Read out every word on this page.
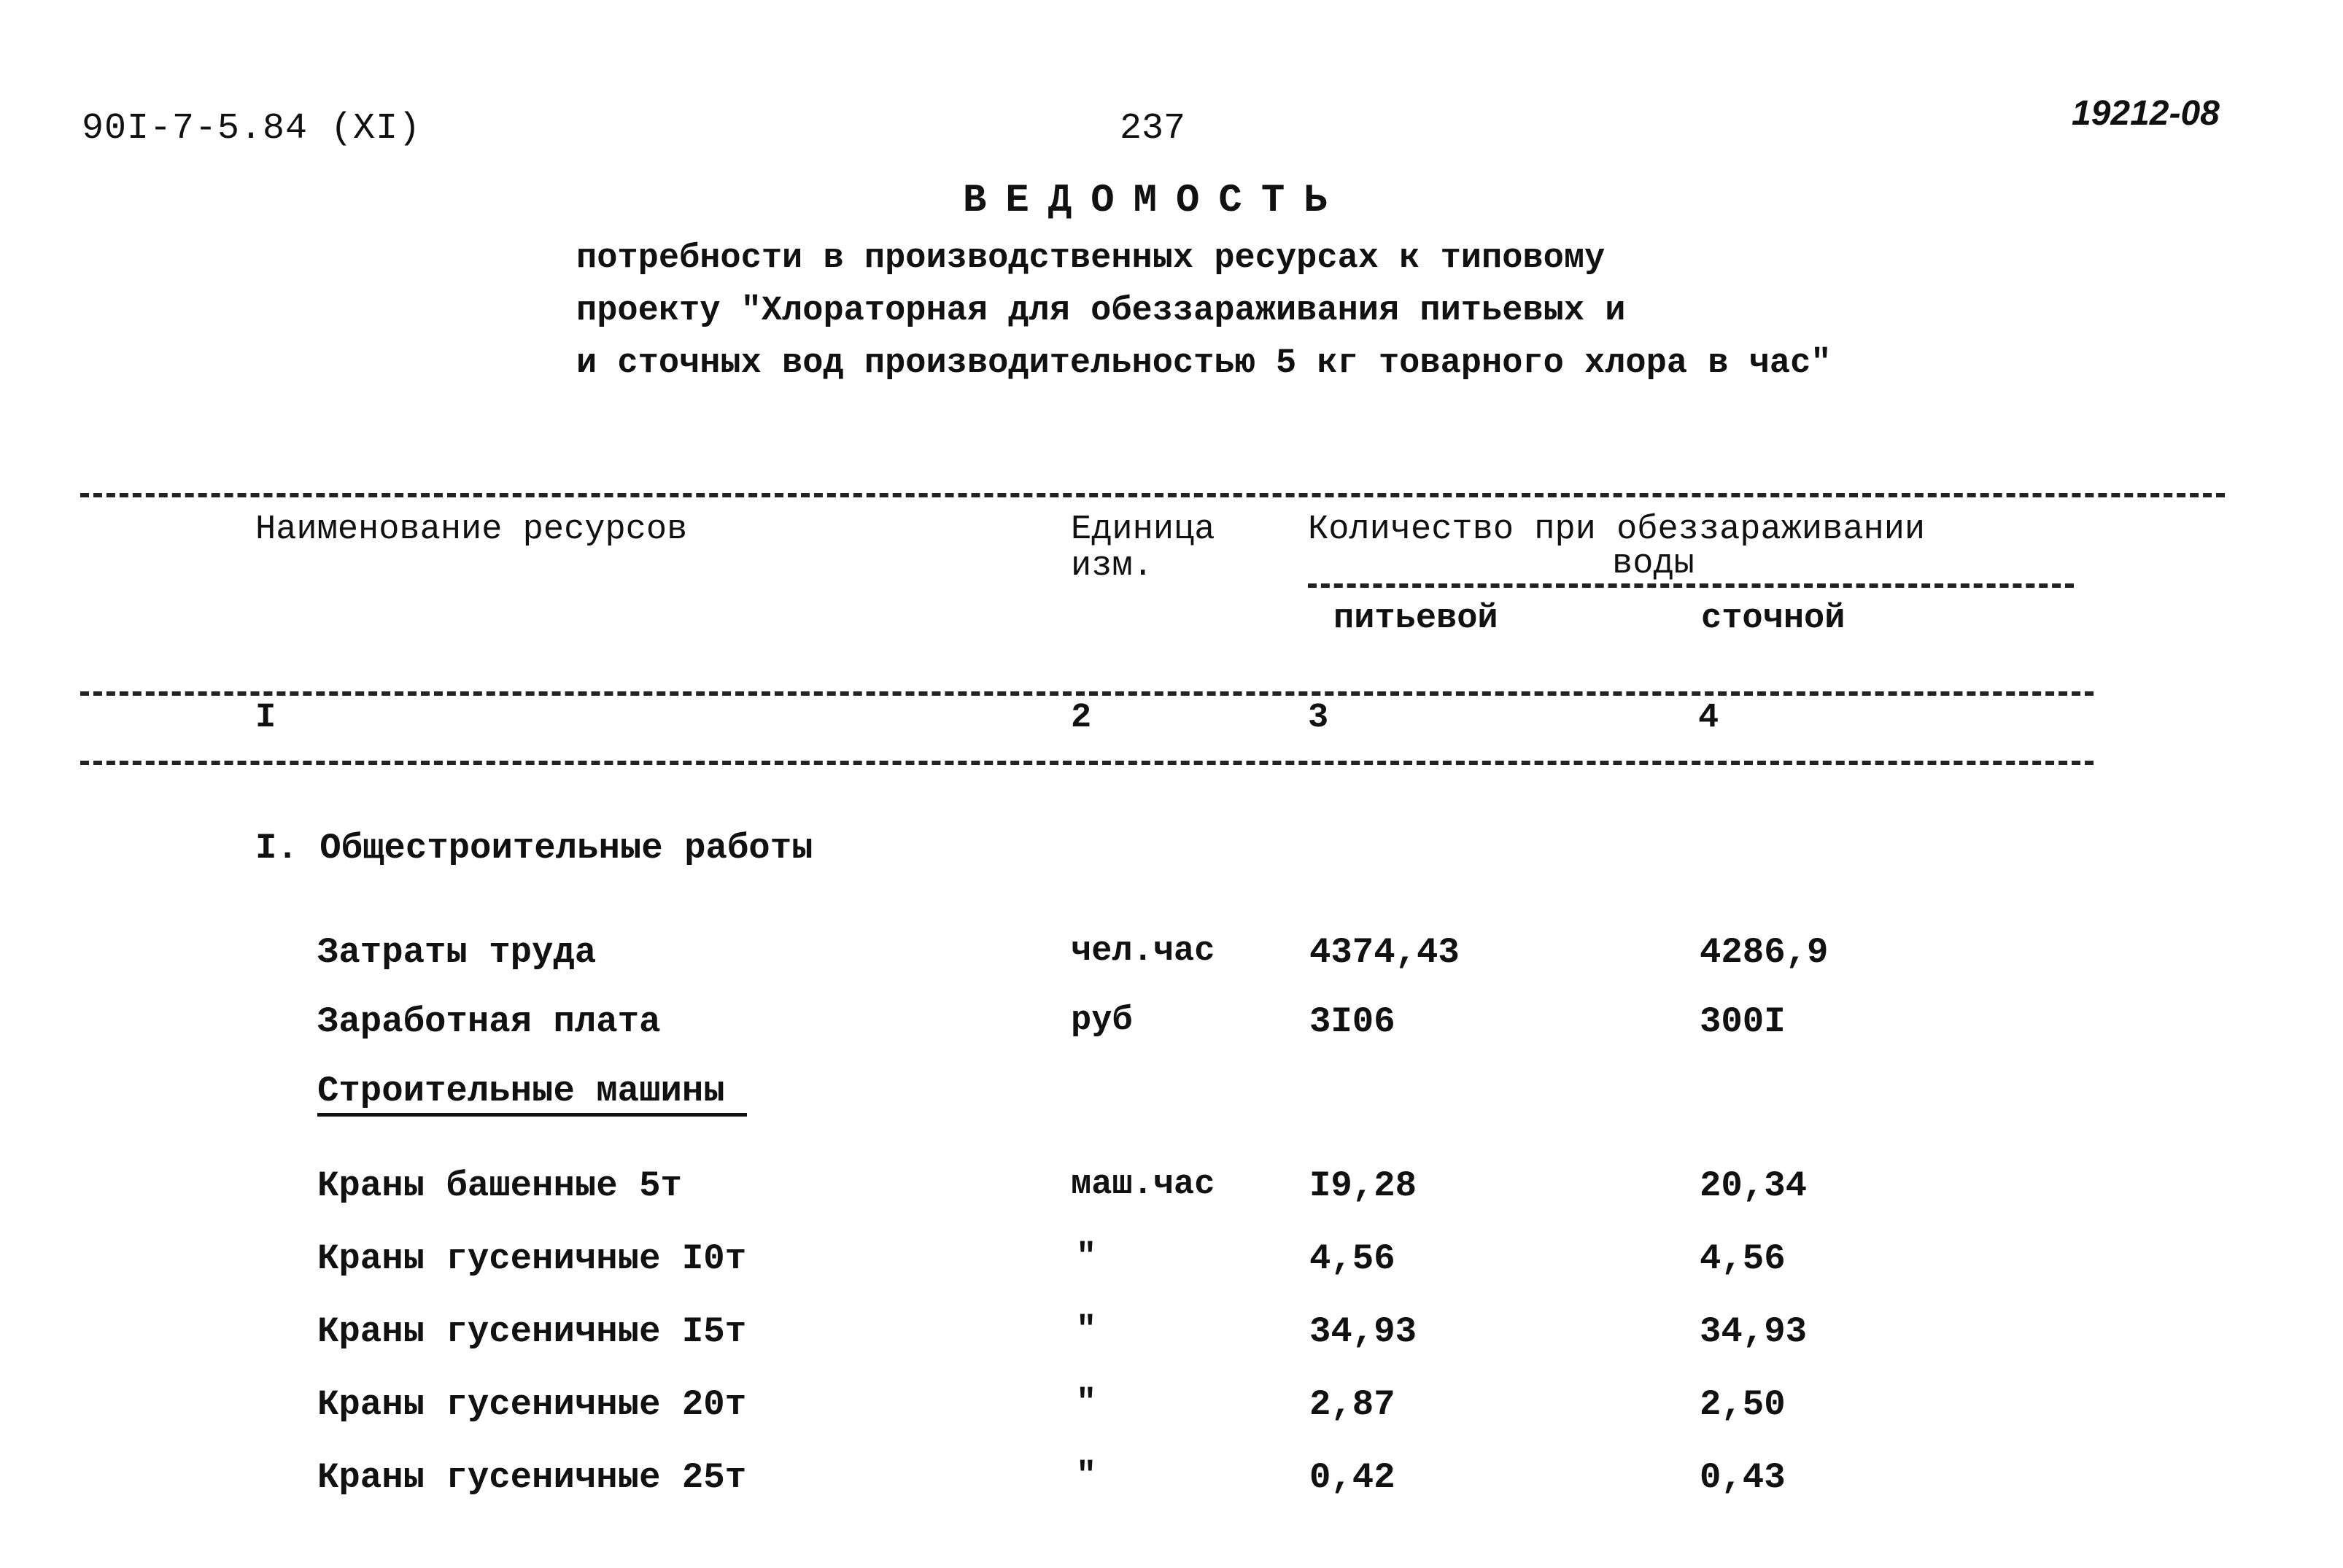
90I-7-5.84 (XI)	237	19212-08
ВЕДОМОСТЬ
потребности в производственных ресурсах к типовому
проекту "Хлораторная для обеззараживания питьевых и
и сточных вод производительностью 5 кг товарного хлора в час"
Наименование ресурсов	Единица
изм.
Количество при обеззараживании
воды
питьевой	сточной
I	2	3	4
I. Общестроительные работы
Затраты труда	чел.час	4374,43	4286,9
Заработная плата	руб	3I06	300I
Строительные машины
Краны башенные 5т	маш.час	I9,28	20,34
Краны гусеничные I0т	"	4,56	4,56
Краны гусеничные I5т	"	34,93	34,93
Краны гусеничные 20т	"	2,87	2,50
Краны гусеничные 25т	"	0,42	0,43
